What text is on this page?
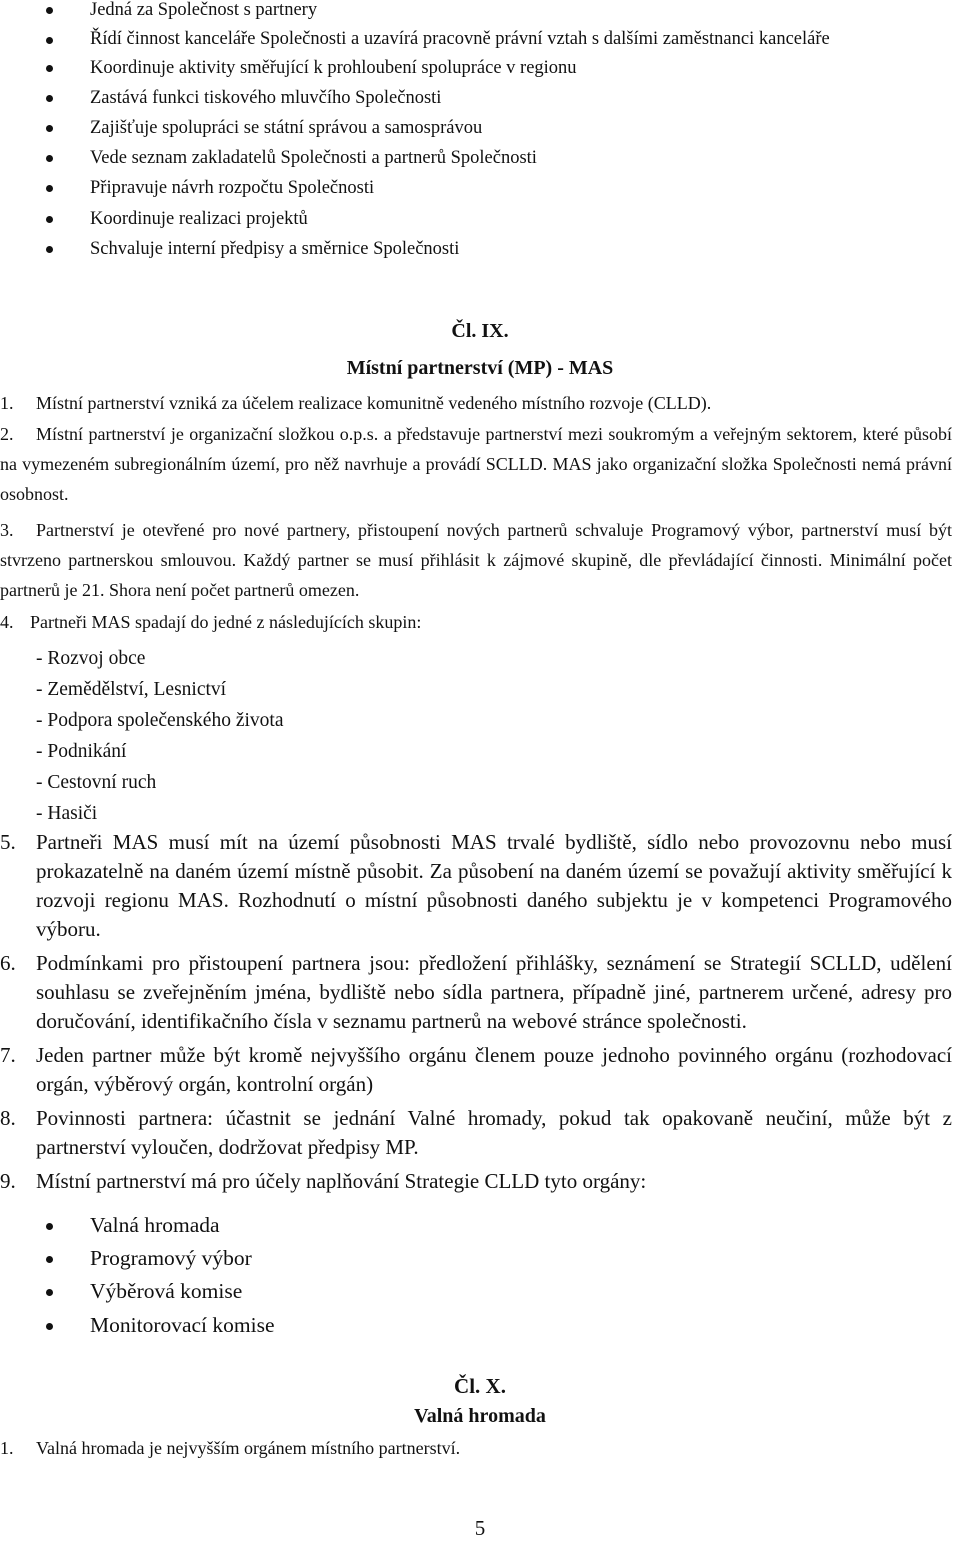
Jedná za Společnost s partnery
Řídí činnost kanceláře Společnosti a uzavírá pracovně právní vztah s dalšími zaměstnanci kanceláře
Koordinuje aktivity směřující k prohloubení spolupráce v regionu
Zastává funkci tiskového mluvčího Společnosti
Zajišťuje spolupráci se státní správou a samosprávou
Vede seznam zakladatelů Společnosti a partnerů Společnosti
Připravuje návrh rozpočtu Společnosti
Koordinuje realizaci projektů
Schvaluje interní předpisy a směrnice Společnosti

Čl. IX.

Místní partnerství (MP) - MAS

1. Místní partnerství vzniká za účelem realizace komunitně vedeného místního rozvoje (CLLD).
2. Místní partnerství je organizační složkou o.p.s. a představuje partnerství mezi soukromým a veřejným sektorem, které působí na vymezeném subregionálním území, pro něž navrhuje a provádí SCLLD. MAS jako organizační složka Společnosti nemá právní osobnost.
3. Partnerství je otevřené pro nové partnery, přistoupení nových partnerů schvaluje Programový výbor, partnerství musí být stvrzeno partnerskou smlouvou. Každý partner se musí přihlásit k zájmové skupině, dle převládající činnosti. Minimální počet partnerů je 21. Shora není počet partnerů omezen.
4. Partneři MAS spadají do jedné z následujících skupin:
- Rozvoj obce
- Zemědělství, Lesnictví
- Podpora společenského života
- Podnikání
- Cestovní ruch
- Hasiči
5. Partneři MAS musí mít na území působnosti MAS trvalé bydliště, sídlo nebo provozovnu nebo musí prokazatelně na daném území místně působit. Za působení na daném území se považují aktivity směřující k rozvoji regionu MAS. Rozhodnutí o místní působnosti daného subjektu je v kompetenci Programového výboru.
6. Podmínkami pro přistoupení partnera jsou: předložení přihlášky, seznámení se Strategií SCLLD, udělení souhlasu se zveřejněním jména, bydliště nebo sídla partnera, případně jiné, partnerem určené, adresy pro doručování, identifikačního čísla v seznamu partnerů na webové stránce společnosti.
7. Jeden partner může být kromě nejvyššího orgánu členem pouze jednoho povinného orgánu (rozhodovací orgán, výběrový orgán, kontrolní orgán)
8. Povinnosti partnera: účastnit se jednání Valné hromady, pokud tak opakovaně neučiní, může být z partnerství vyloučen, dodržovat předpisy MP.
9. Místní partnerství má pro účely naplňování Strategie CLLD tyto orgány:
Valná hromada
Programový výbor
Výběrová komise
Monitorovací komise

Čl. X.

Valná hromada

1. Valná hromada je nejvyšším orgánem místního partnerství.
5
